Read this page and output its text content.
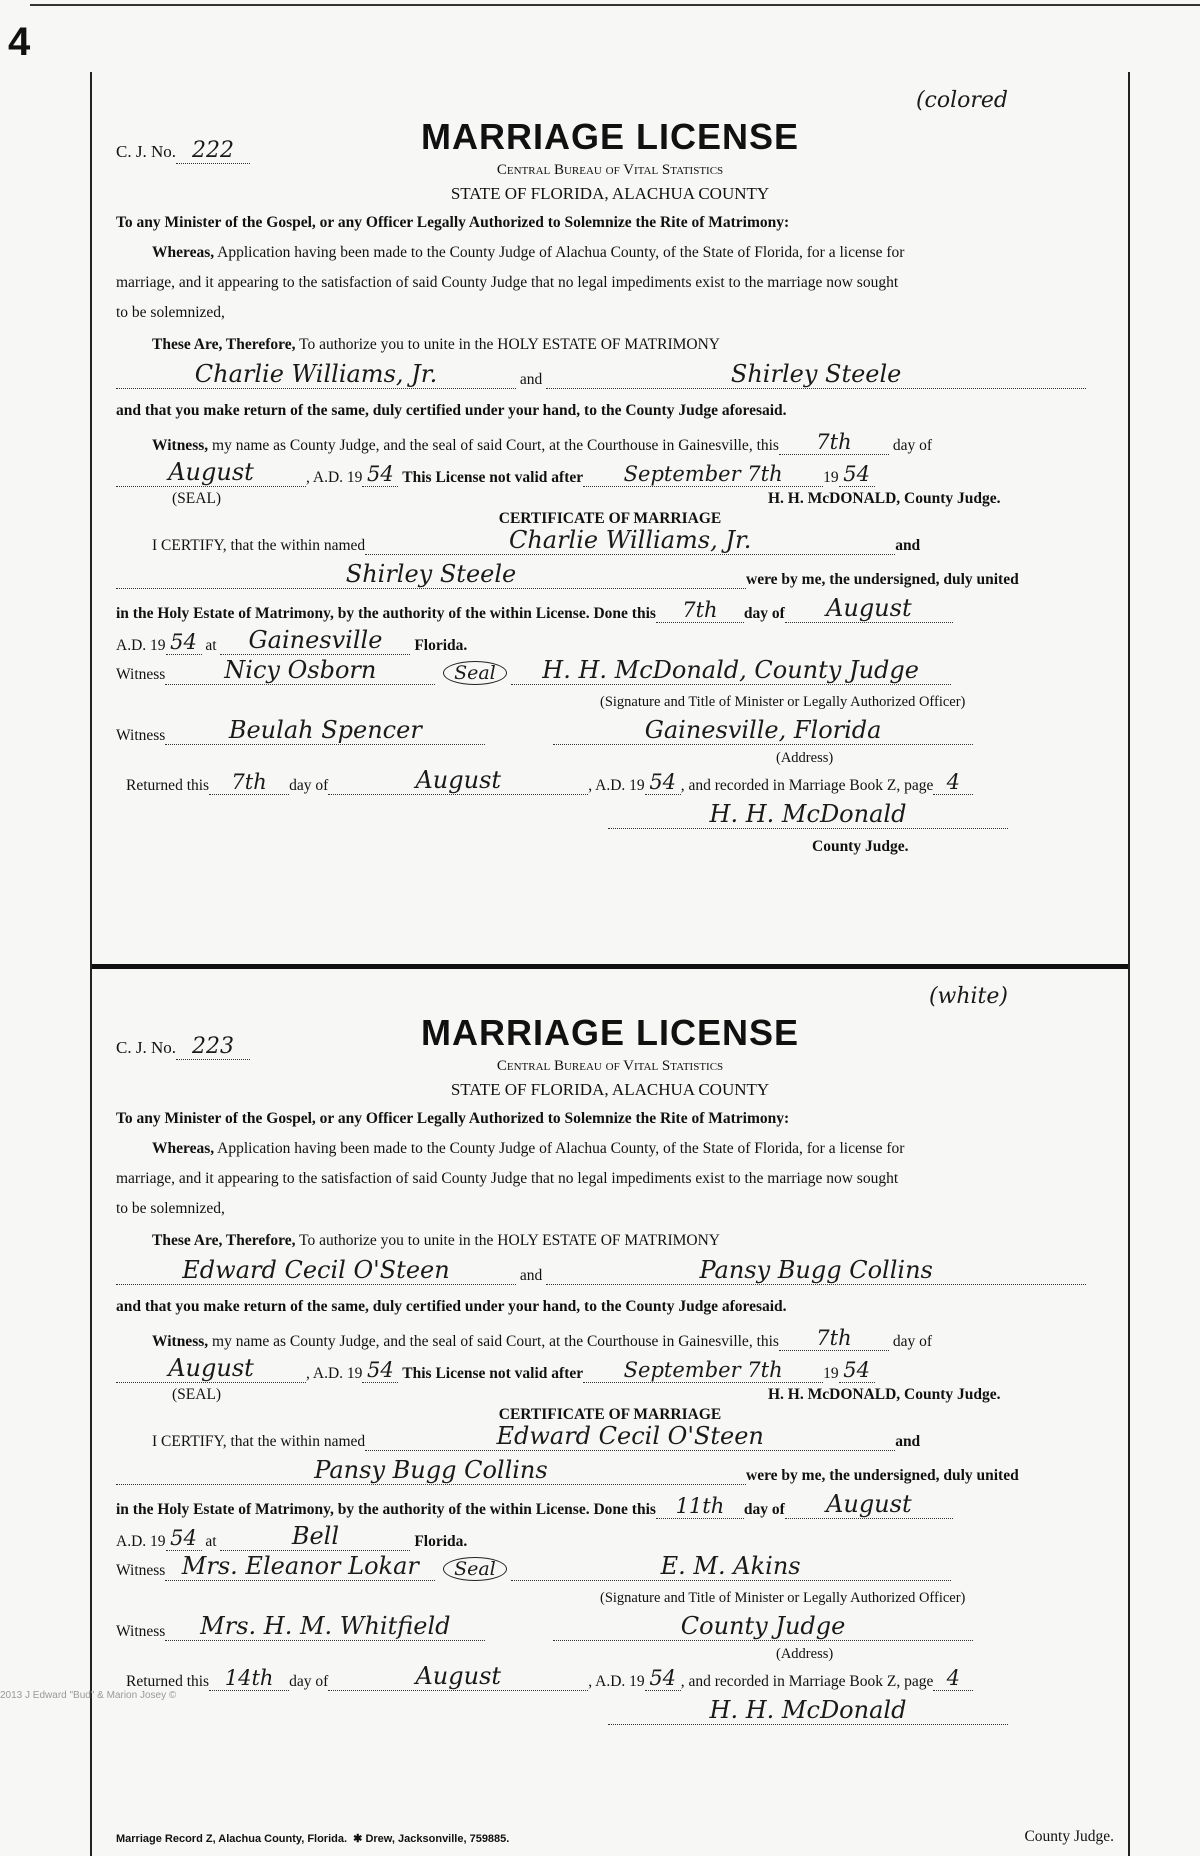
4
(colored
C. J. No. 222	MARRIAGE LICENSE
Central Bureau of Vital Statistics
STATE OF FLORIDA, ALACHUA COUNTY
To any Minister of the Gospel, or any Officer Legally Authorized to Solemnize the Rite of Matrimony:
Whereas, Application having been made to the County Judge of Alachua County, of the State of Florida, for a license for
marriage, and it appearing to the satisfaction of said County Judge that no legal impediments exist to the marriage now sought
to be solemnized,
These Are, Therefore, To authorize you to unite in the HOLY ESTATE OF MATRIMONY
Charlie Williams, Jr.	and	Shirley Steele
and that you make return of the same, duly certified under your hand, to the County Judge aforesaid.
Witness, my name as County Judge, and the seal of said Court, at the Courthouse in Gainesville, this 7th	day of
August	, A.D. 19 54 This License not valid after September 7th	19 54
(SEAL)	H. H. McDONALD, County Judge.
CERTIFICATE OF MARRIAGE
I CERTIFY, that the within named	Charlie Williams, Jr.	and
Shirley Steele	were by me, the undersigned, duly united
in the Holy Estate of Matrimony, by the authority of the within License. Done this 7th day of August
A.D. 19 54 at Gainesville Florida.
Witness Nicy Osborn	Seal H. H. McDonald, County Judge
(Signature and Title of Minister or Legally Authorized Officer)
Witness	Beulah Spencer	Gainesville, Florida
(Address)
Returned this 7th day of	August	, A.D. 19 54 , and recorded in Marriage Book Z, page 4
H. H. McDonald
County Judge.
(white)
C. J. No. 223	MARRIAGE LICENSE
Central Bureau of Vital Statistics
STATE OF FLORIDA, ALACHUA COUNTY
To any Minister of the Gospel, or any Officer Legally Authorized to Solemnize the Rite of Matrimony:
Whereas, Application having been made to the County Judge of Alachua County, of the State of Florida, for a license for
marriage, and it appearing to the satisfaction of said County Judge that no legal impediments exist to the marriage now sought
to be solemnized,
These Are, Therefore, To authorize you to unite in the HOLY ESTATE OF MATRIMONY
Edward Cecil O'Steen	and	Pansy Bugg Collins
and that you make return of the same, duly certified under your hand, to the County Judge aforesaid.
Witness, my name as County Judge, and the seal of said Court, at the Courthouse in Gainesville, this 7th	day of
August	, A.D. 19 54 This License not valid after September 7th	19 54
(SEAL)	H. H. McDONALD, County Judge.
CERTIFICATE OF MARRIAGE
I CERTIFY, that the within named	Edward Cecil O'Steen	and
Pansy Bugg Collins	were by me, the undersigned, duly united
in the Holy Estate of Matrimony, by the authority of the within License. Done this 11th day of August
A.D. 19 54 at	Bell	Florida.
Witness Mrs. Eleanor Lokar Seal	E. M. Akins
(Signature and Title of Minister or Legally Authorized Officer)
Witness Mrs. H. M. Whitfield	County Judge
(Address)
Returned this 14th day of	August	, A.D. 19 54 , and recorded in Marriage Book Z, page 4
H. H. McDonald
Marriage Record Z, Alachua County, Florida.  ✱ Drew, Jacksonville, 759885.	County Judge.
2013 J Edward "Bud" & Marion Josey ©
